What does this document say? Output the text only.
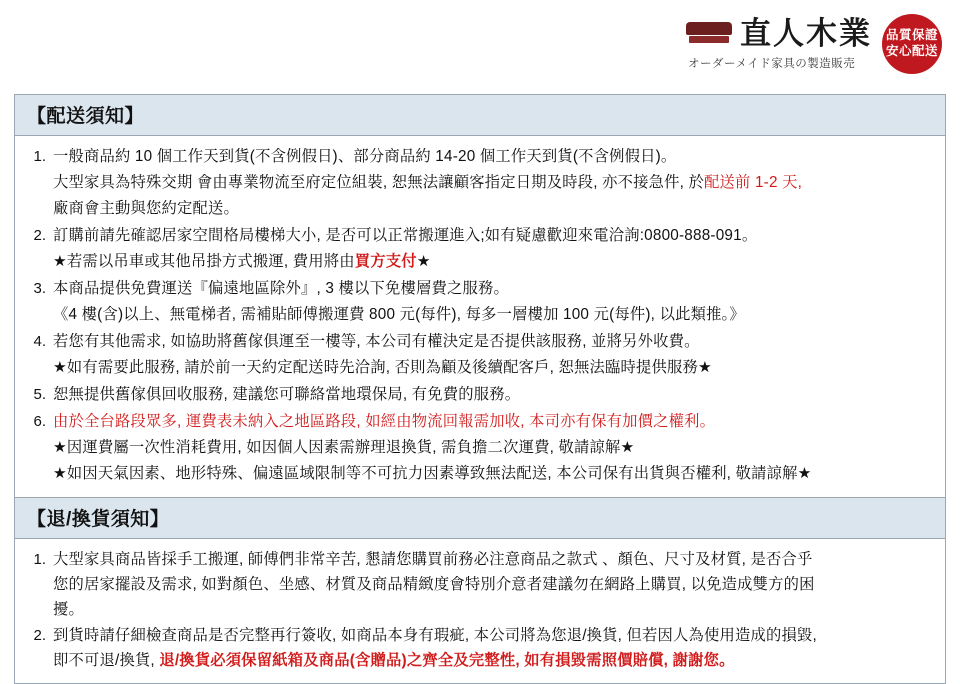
直人木業
オーダーメイド家具の製造販売
品質保證
安心配送
【配送須知】
1. 一般商品約 10 個工作天到貨(不含例假日)、部分商品約 14-20 個工作天到貨(不含例假日)。
大型家具為特殊交期 會由專業物流至府定位組裝, 恕無法讓顧客指定日期及時段, 亦不接急件, 於配送前 1-2 天,
廠商會主動與您約定配送。
2. 訂購前請先確認居家空間格局樓梯大小, 是否可以正常搬運進入;如有疑慮歡迎來電洽詢:0800-888-091。
★若需以吊車或其他吊掛方式搬運, 費用將由買方支付★
3. 本商品提供免費運送『偏遠地區除外』, 3 樓以下免樓層費之服務。
《4 樓(含)以上、無電梯者, 需補貼師傅搬運費 800 元(每件), 每多一層樓加 100 元(每件), 以此類推。》
4. 若您有其他需求, 如協助將舊傢俱運至一樓等, 本公司有權決定是否提供該服務, 並將另外收費。
★如有需要此服務, 請於前一天約定配送時先洽詢, 否則為顧及後續配客戶, 恕無法臨時提供服務★
5. 恕無提供舊傢俱回收服務, 建議您可聯絡當地環保局, 有免費的服務。
6. 由於全台路段眾多, 運費表未納入之地區路段, 如經由物流回報需加收, 本司亦有保有加價之權利。
★因運費屬一次性消耗費用, 如因個人因素需辦理退換貨, 需負擔二次運費, 敬請諒解★
★如因天氣因素、地形特殊、偏遠區域限制等不可抗力因素導致無法配送, 本公司保有出貨與否權利, 敬請諒解★
【退/換貨須知】
1. 大型家具商品皆採手工搬運, 師傅們非常辛苦, 懇請您購買前務必注意商品之款式 、顏色、尺寸及材質, 是否合乎
您的居家擺設及需求, 如對顏色、坐感、材質及商品精緻度會特別介意者建議勿在網路上購買, 以免造成雙方的困
擾。
2. 到貨時請仔細檢查商品是否完整再行簽收, 如商品本身有瑕疵, 本公司將為您退/換貨, 但若因人為使用造成的損毀,
即不可退/換貨, 退/換貨必須保留紙箱及商品(含贈品)之齊全及完整性, 如有損毀需照價賠償, 謝謝您。
